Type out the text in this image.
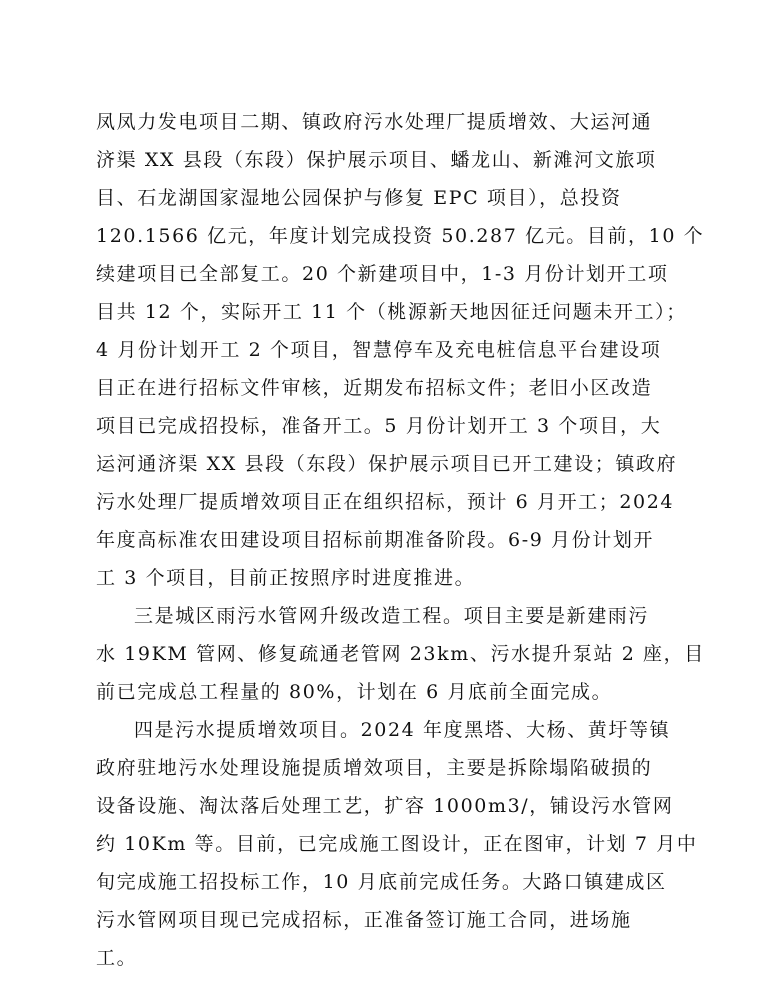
凤凤力发电项目二期、镇政府污水处理厂提质增效、大运河通
济渠 XX 县段（东段）保护展示项目、蟠龙山、新滩河文旅项
目、石龙湖国家湿地公园保护与修复 EPC 项目），总投资
120.1566 亿元，年度计划完成投资 50.287 亿元。目前，10 个
续建项目已全部复工。20 个新建项目中，1-3 月份计划开工项
目共 12 个，实际开工 11 个（桃源新天地因征迁问题未开工）；
4 月份计划开工 2 个项目，智慧停车及充电桩信息平台建设项
目正在进行招标文件审核，近期发布招标文件；老旧小区改造
项目已完成招投标，准备开工。5 月份计划开工 3 个项目，大
运河通济渠 XX 县段（东段）保护展示项目已开工建设；镇政府
污水处理厂提质增效项目正在组织招标，预计 6 月开工；2024
年度高标准农田建设项目招标前期准备阶段。6-9 月份计划开
工 3 个项目，目前正按照序时进度推进。
三是城区雨污水管网升级改造工程。项目主要是新建雨污
水 19KM 管网、修复疏通老管网 23km、污水提升泵站 2 座，目
前已完成总工程量的 80%，计划在 6 月底前全面完成。
四是污水提质增效项目。2024 年度黑塔、大杨、黄圩等镇
政府驻地污水处理设施提质增效项目，主要是拆除塌陷破损的
设备设施、淘汰落后处理工艺，扩容 1000m3/，铺设污水管网
约 10Km 等。目前，已完成施工图设计，正在图审，计划 7 月中
旬完成施工招投标工作，10 月底前完成任务。大路口镇建成区
污水管网项目现已完成招标，正准备签订施工合同，进场施
工。
